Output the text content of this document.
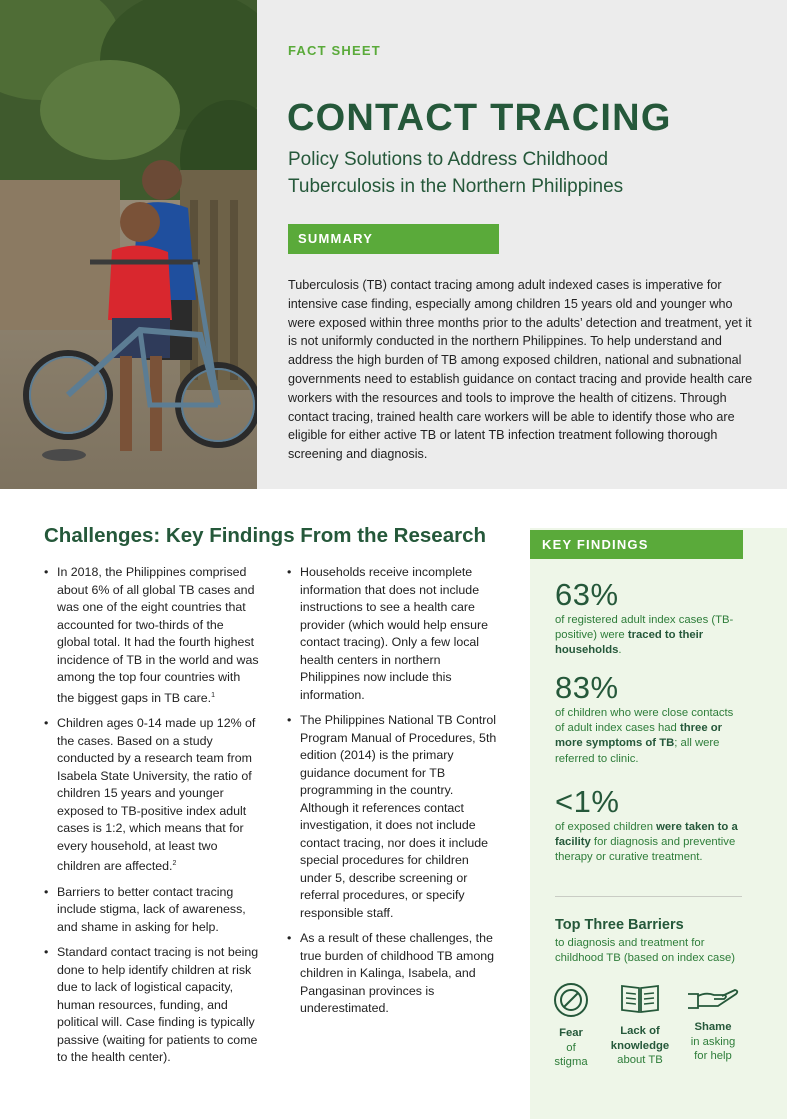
FACT SHEET
CONTACT TRACING
Policy Solutions to Address Childhood
Tuberculosis in the Northern Philippines
SUMMARY
Tuberculosis (TB) contact tracing among adult indexed cases is imperative for intensive case finding, especially among children 15 years old and younger who were exposed within three months prior to the adults’ detection and treatment, yet it is not uniformly conducted in the northern Philippines. To help understand and address the high burden of TB among exposed children, national and subnational governments need to establish guidance on contact tracing and provide health care workers with the resources and tools to improve the health of citizens. Through contact tracing, trained health care workers will be able to identify those who are eligible for either active TB or latent TB infection treatment following thorough screening and diagnosis.
Challenges: Key Findings From the Research
• In 2018, the Philippines comprised about 6% of all global TB cases and was one of the eight countries that accounted for two-thirds of the global total. It had the fourth highest incidence of TB in the world and was among the top four countries with the biggest gaps in TB care.$^1$
• Children ages 0-14 made up 12% of the cases. Based on a study conducted by a research team from Isabela State University, the ratio of children 15 years and younger exposed to TB-positive index adult cases is 1:2, which means that for every household, at least two children are affected.$^2$
• Barriers to better contact tracing include stigma, lack of awareness, and shame in asking for help.
• Standard contact tracing is not being done to help identify children at risk due to lack of logistical capacity, human resources, funding, and political will. Case finding is typically passive (waiting for patients to come to the health center).
• Households receive incomplete information that does not include instructions to see a health care provider (which would help ensure contact tracing). Only a few local health centers in northern Philippines now include this information.
• The Philippines National TB Control Program Manual of Procedures, 5th edition (2014) is the primary guidance document for TB programming in the country. Although it references contact investigation, it does not include contact tracing, nor does it include special procedures for children under 5, describe screening or referral procedures, or specify responsible staff.
• As a result of these challenges, the true burden of childhood TB among children in Kalinga, Isabela, and Pangasinan provinces is underestimated.
KEY FINDINGS
63%
of registered adult index cases (TB-positive) were traced to their households.
83%
of children who were close contacts of adult index cases had three or more symptoms of TB; all were referred to clinic.
<1%
of exposed children were taken to a facility for diagnosis and preventive therapy or curative treatment.
Top Three Barriers
to diagnosis and treatment for childhood TB (based on index case)
Fear
of
stigma
Lack of
knowledge
about TB
Shame
in asking
for help
